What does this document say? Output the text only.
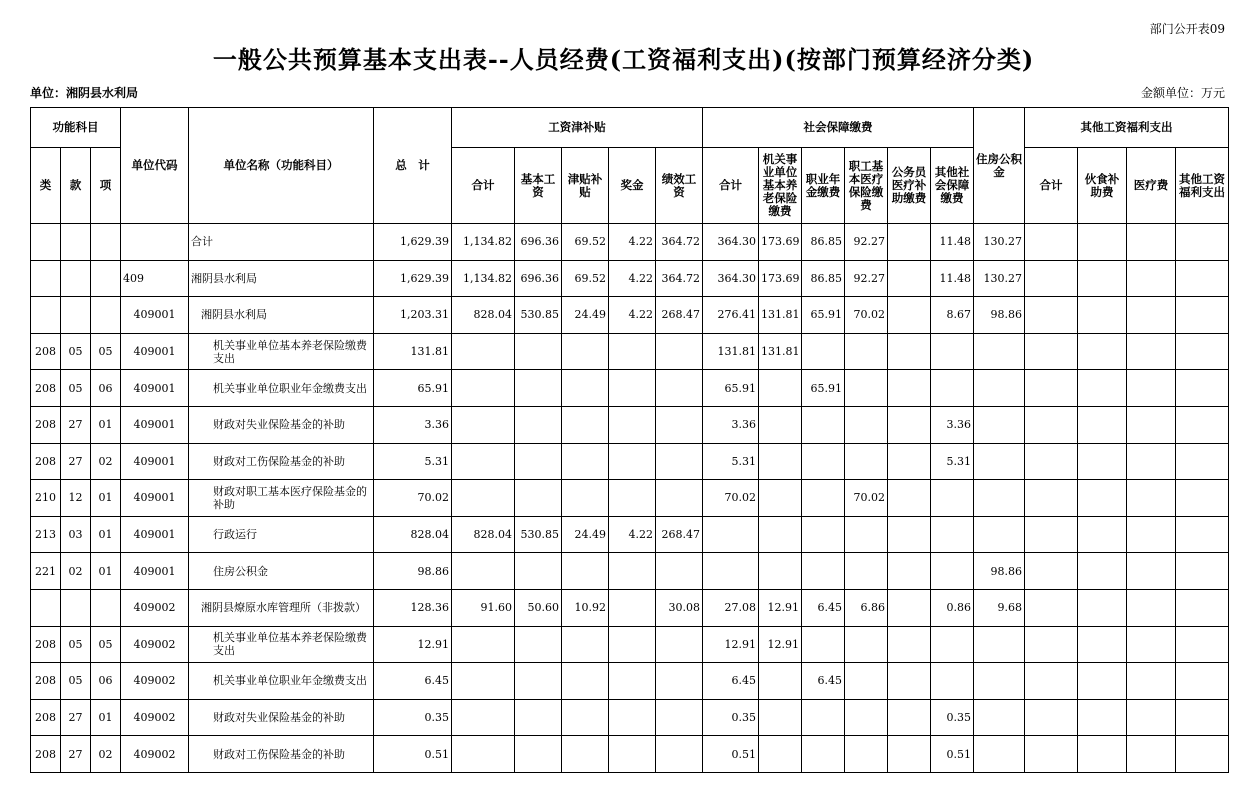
部门公开表09
一般公共预算基本支出表--人员经费(工资福利支出)(按部门预算经济分类)
单位：湘阴县水利局	金额单位：万元
功能科目			单位代码	单位名称（功能科目）	总　计	工资津补贴					社会保障缴费						住房公积金	其他工资福利支出			
类	款	项				合计	基本工资	津贴补贴	奖金	绩效工资	合计	机关事业单位基本养老保险缴费	职业年金缴费	职工基本医疗保险缴费	公务员医疗补助缴费	其他社会保障缴费		合计	伙食补助费	医疗费	其他工资福利支出
				合计	1,629.39	1,134.82	696.36	69.52	4.22	364.72	364.30	173.69	86.85	92.27		11.48	130.27				
			409	湘阴县水利局	1,629.39	1,134.82	696.36	69.52	4.22	364.72	364.30	173.69	86.85	92.27		11.48	130.27				
			409001	湘阴县水利局	1,203.31	828.04	530.85	24.49	4.22	268.47	276.41	131.81	65.91	70.02		8.67	98.86				
208	05	05	409001	机关事业单位基本养老保险缴费支出	131.81						131.81	131.81									
208	05	06	409001	机关事业单位职业年金缴费支出	65.91						65.91		65.91								
208	27	01	409001	财政对失业保险基金的补助	3.36						3.36					3.36					
208	27	02	409001	财政对工伤保险基金的补助	5.31						5.31					5.31					
210	12	01	409001	财政对职工基本医疗保险基金的补助	70.02						70.02			70.02							
213	03	01	409001	行政运行	828.04	828.04	530.85	24.49	4.22	268.47											
221	02	01	409001	住房公积金	98.86												98.86				
			409002	湘阴县燎原水库管理所（非拨款）	128.36	91.60	50.60	10.92		30.08	27.08	12.91	6.45	6.86		0.86	9.68				
208	05	05	409002	机关事业单位基本养老保险缴费支出	12.91						12.91	12.91									
208	05	06	409002	机关事业单位职业年金缴费支出	6.45						6.45		6.45								
208	27	01	409002	财政对失业保险基金的补助	0.35						0.35					0.35					
208	27	02	409002	财政对工伤保险基金的补助	0.51						0.51					0.51					
